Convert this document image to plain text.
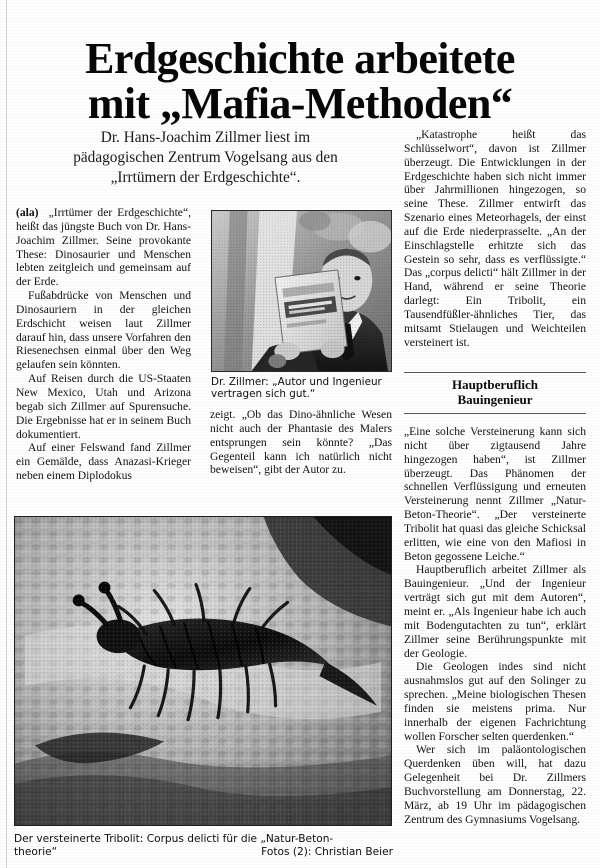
Erdgeschichte arbeitete
mit „Mafia-Methoden“
Dr. Hans-Joachim Zillmer liest im
pädagogischen Zentrum Vogelsang aus den
„Irrtümern der Erdgeschichte“.

(ala) „Irrtümer der Erdgeschichte“, heißt das jüngste Buch von Dr. Hans-Joachim Zillmer. Seine provokante These: Dinosaurier und Menschen lebten zeitgleich und gemeinsam auf der Erde.

Fußabdrücke von Menschen und Dinosauriern in der gleichen Erdschicht weisen laut Zillmer darauf hin, dass unsere Vorfahren den Riesenechsen einmal über den Weg gelaufen sein könnten.

Auf Reisen durch die US-Staaten New Mexico, Utah und Arizona begab sich Zillmer auf Spurensuche. Die Ergebnisse hat er in seinem Buch dokumentiert.

Auf einer Felswand fand Zillmer ein Gemälde, dass Anazasi-Krieger neben einem Diplodokus

Dr. Zillmer: „Autor und Ingenieur vertragen sich gut.“

zeigt. „Ob das Dino-ähnliche Wesen nicht auch der Phantasie des Malers entsprungen sein könnte? „Das Gegenteil kann ich natürlich nicht beweisen“, gibt der Autor zu.

„Katastrophe heißt das Schlüsselwort“, davon ist Zillmer überzeugt. Die Entwicklungen in der Erdgeschichte haben sich nicht immer über Jahrmillionen hingezogen, so seine These. Zillmer entwirft das Szenario eines Meteorhagels, der einst auf die Erde niederprasselte. „An der Einschlagstelle erhitzte sich das Gestein so sehr, dass es verflüssigte.“ Das „corpus delicti“ hält Zillmer in der Hand, während er seine Theorie darlegt: Ein Tribolit, ein Tausendfüßler-ähnliches Tier, das mitsamt Stielaugen und Weichteilen versteinert ist.

Hauptberuflich
Bauingenieur

„Eine solche Versteinerung kann sich nicht über zigtausend Jahre hingezogen haben“, ist Zillmer überzeugt. Das Phänomen der schnellen Verflüssigung und erneuten Versteinerung nennt Zillmer „Natur-Beton-Theorie“. „Der versteinerte Tribolit hat quasi das gleiche Schicksal erlitten, wie eine von den Mafiosi in Beton gegossene Leiche.“

Hauptberuflich arbeitet Zillmer als Bauingenieur. „Und der Ingenieur verträgt sich gut mit dem Autoren“, meint er. „Als Ingenieur habe ich auch mit Bodengutachten zu tun“, erklärt Zillmer seine Berührungspunkte mit der Geologie.

Die Geologen indes sind nicht ausnahmslos gut auf den Solinger zu sprechen. „Meine biologischen Thesen finden sie meistens prima. Nur innerhalb der eigenen Fachrichtung wollen Forscher selten querdenken.“

Wer sich im paläontologischen Querdenken üben will, hat dazu Gelegenheit bei Dr. Zillmers Buchvorstellung am Donnerstag, 22. März, ab 19 Uhr im pädagogischen Zentrum des Gymnasiums Vogelsang.

Der versteinerte Tribolit: Corpus delicti für die „Natur-Beton-
theorie“	Fotos (2): Christian Beier
